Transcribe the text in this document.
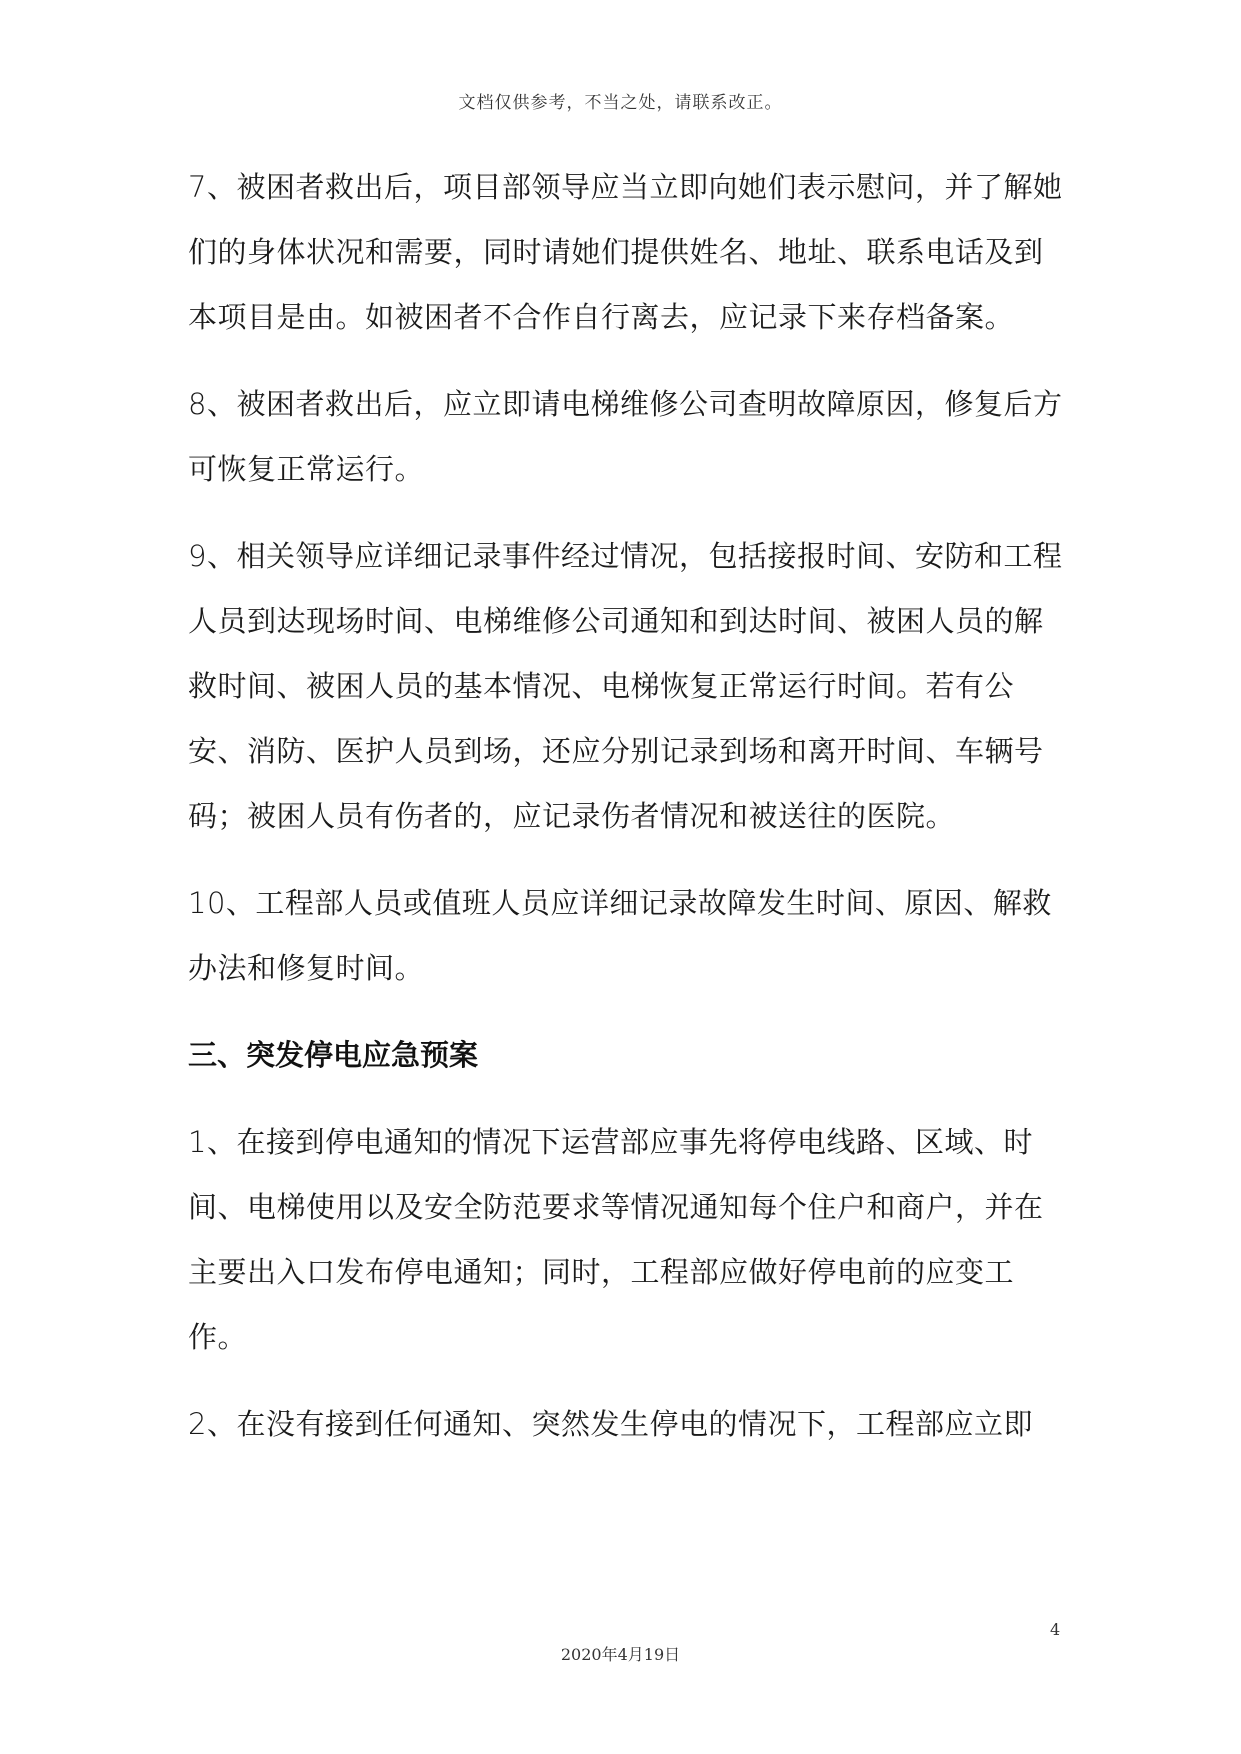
文档仅供参考，不当之处，请联系改正。

7、被困者救出后，项目部领导应当立即向她们表示慰问，并了解她们的身体状况和需要，同时请她们提供姓名、地址、联系电话及到本项目是由。如被困者不合作自行离去，应记录下来存档备案。

8、被困者救出后，应立即请电梯维修公司查明故障原因，修复后方可恢复正常运行。

9、相关领导应详细记录事件经过情况，包括接报时间、安防和工程人员到达现场时间、电梯维修公司通知和到达时间、被困人员的解救时间、被困人员的基本情况、电梯恢复正常运行时间。若有公安、消防、医护人员到场，还应分别记录到场和离开时间、车辆号码；被困人员有伤者的，应记录伤者情况和被送往的医院。

10、工程部人员或值班人员应详细记录故障发生时间、原因、解救办法和修复时间。

三、突发停电应急预案

1、在接到停电通知的情况下运营部应事先将停电线路、区域、时间、电梯使用以及安全防范要求等情况通知每个住户和商户，并在主要出入口发布停电通知；同时，工程部应做好停电前的应变工作。

2、在没有接到任何通知、突然发生停电的情况下，工程部应立即

4
2020年4月19日
